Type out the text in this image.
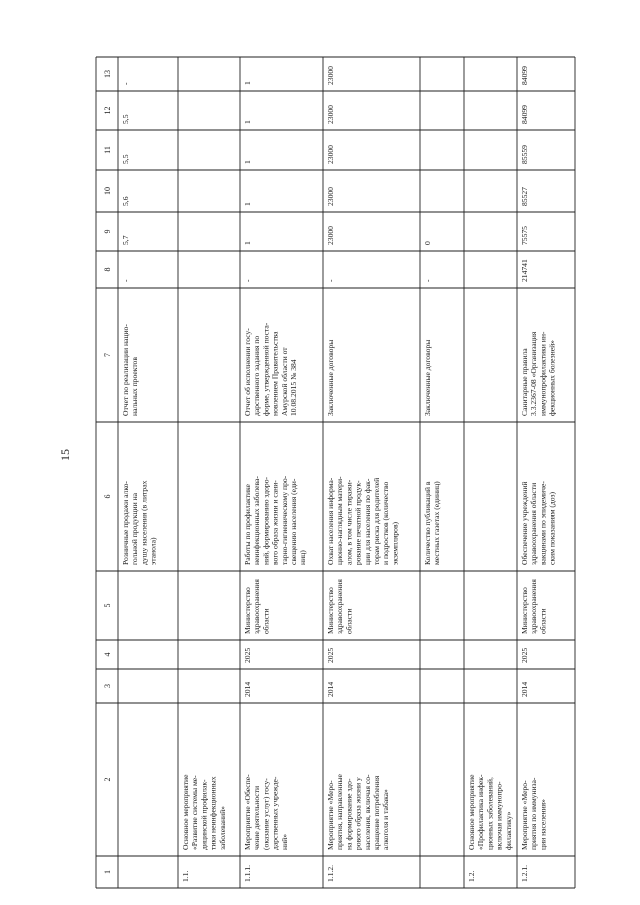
15
1
2
3
4
5
6
7
8
9
10
11
12
13
Розничные продажи алко-гольной продукции надушу населения (в литрахэтанола)
Отчет по реализации нацио-нальных проектов
-
5,7
5,6
5,5
5,5
-
1.1.
Основное мероприятие«Развитие системы ме-дицинской профилак-тики неинфекционныхзаболеваний»
1.1.1.
Мероприятие «Обеспе-чение деятельности(оказание услуг) госу-дарственных учрежде-ний»
2014
2025
Министерствоздравоохраненияобласти
Работы по профилактикенеинфекционных заболева-ний, формированию здоро-вого образа жизни и сани-тарно-гигиеническому про-свещению населения (еди-ниц)
Отчет об исполнении госу-дарственного задания поформе, утвержденной поста-новлением ПравительстваАмурской области от10.08.2015 № 384
-
1
1
1
1
1
1.1.2.
Мероприятие «Меро-приятия, направленныена формирование здо-рового образа жизни унаселения, включая со-кращение потребленияалкоголя и табака»
2014
2025
Министерствоздравоохраненияобласти
Охват населения информа-ционно-наглядным матери-алом, в том числе тиражи-рование печатной продук-ции для населения по фак-торам риска для родителейи подростков (количествоэкземпляров)
Заключенные договоры
-
23000
23000
23000
23000
23000
Количество публикаций вместных газетах (единиц)
Заключенные договоры
-
0
1.2.
Основное мероприятие«Профилактика инфек-ционных заболеваний,включая иммунопро-филактику»
1.2.1.
Мероприятие «Меро-приятия по иммуниза-ции населения»
2014
2025
Министерствоздравоохраненияобласти
Обеспечение учрежденийздравоохранения областивакцинами по эпидемиче-ским показаниям (доз)
Санитарные правила3.3.2367-08 «Организацияиммунопрофилактики ин-фекционных болезней»
214741
75575
85527
85559
84099
84099
